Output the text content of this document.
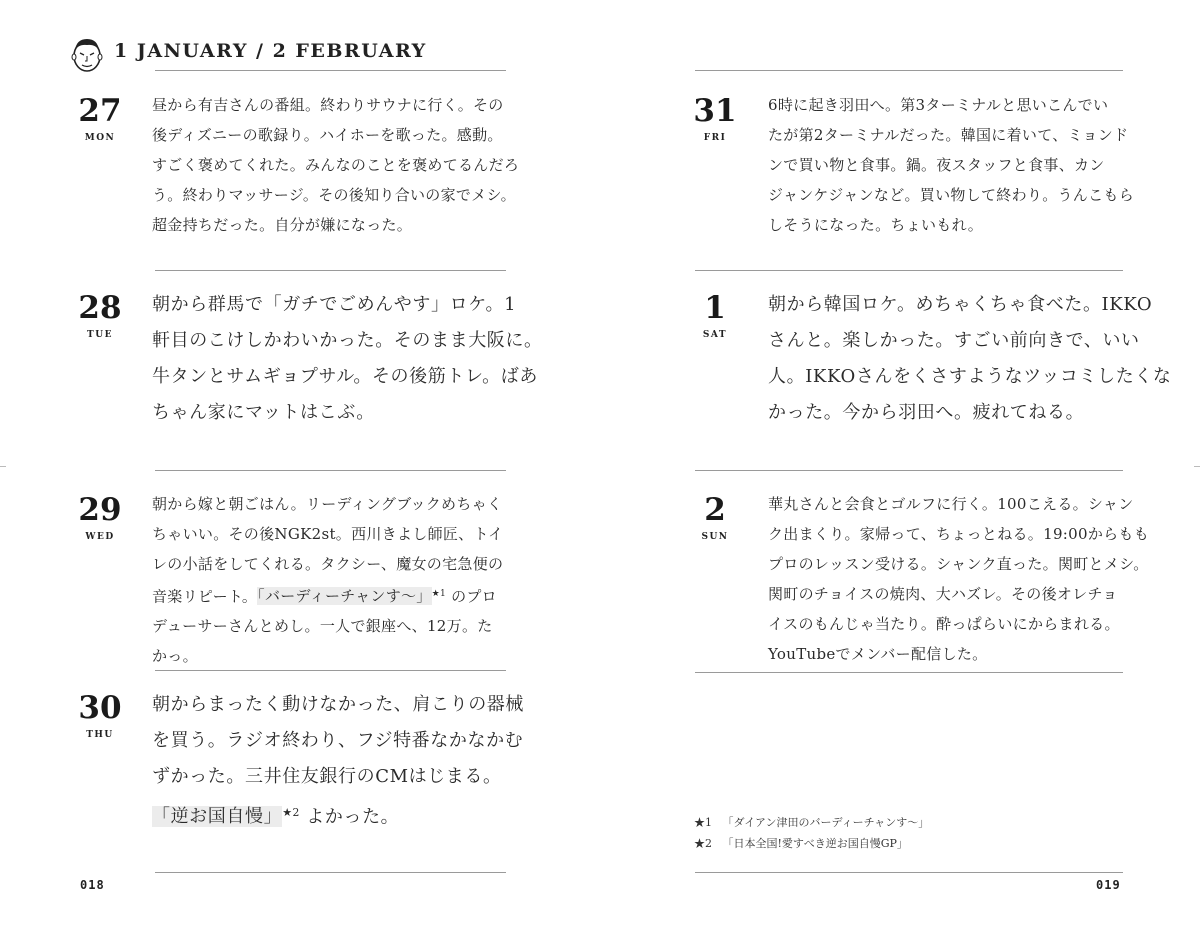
1 JANUARY / 2 FEBRUARY
27
MON
昼から有吉さんの番組。終わりサウナに行く。その
後ディズニーの歌録り。ハイホーを歌った。感動。
すごく褒めてくれた。みんなのことを褒めてるんだろ
う。終わりマッサージ。その後知り合いの家でメシ。
超金持ちだった。自分が嫌になった。
28
TUE
朝から群馬で「ガチでごめんやす」ロケ。1
軒目のこけしかわいかった。そのまま大阪に。
牛タンとサムギョプサル。その後筋トレ。ばあ
ちゃん家にマットはこぶ。
29
WED
朝から嫁と朝ごはん。リーディングブックめちゃく
ちゃいい。その後NGK2st。西川きよし師匠、トイ
レの小話をしてくれる。タクシー、魔女の宅急便の
音楽リピート。「バーディーチャンす～」$^{★1}$ のプロ
デューサーさんとめし。一人で銀座へ、12万。た
かっ。
30
THU
朝からまったく動けなかった、肩こりの器械
を買う。ラジオ終わり、フジ特番なかなかむ
ずかった。三井住友銀行のCMはじまる。
「逆お国自慢」$^{★2}$ よかった。
31
FRI
6時に起き羽田へ。第3ターミナルと思いこんでい
たが第2ターミナルだった。韓国に着いて、ミョンド
ンで買い物と食事。鍋。夜スタッフと食事、カン
ジャンケジャンなど。買い物して終わり。うんこもら
しそうになった。ちょいもれ。
1
SAT
朝から韓国ロケ。めちゃくちゃ食べた。IKKO
さんと。楽しかった。すごい前向きで、いい
人。IKKOさんをくさすようなツッコミしたくな
かった。今から羽田へ。疲れてねる。
2
SUN
華丸さんと会食とゴルフに行く。100こえる。シャン
ク出まくり。家帰って、ちょっとねる。19:00からもも
プロのレッスン受ける。シャンク直った。関町とメシ。
関町のチョイスの焼肉、大ハズレ。その後オレチョ
イスのもんじゃ当たり。酔っぱらいにからまれる。
YouTubeでメンバー配信した。
★1 「ダイアン津田のバーディーチャンす～」
★2 「日本全国!愛すべき逆お国自慢GP」
018	019
